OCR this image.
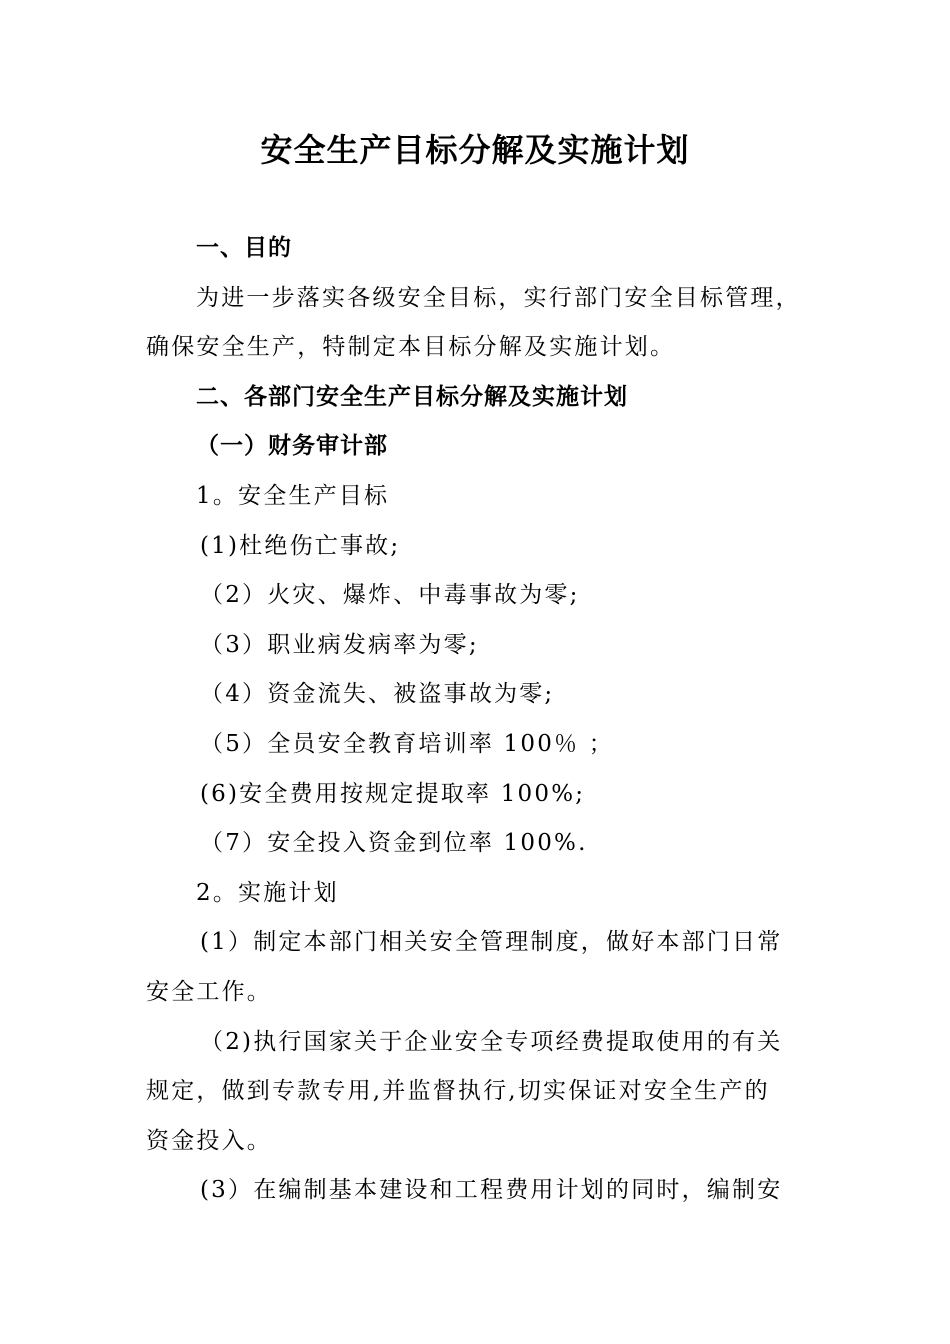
安全生产目标分解及实施计划
一、目的
为进一步落实各级安全目标，实行部门安全目标管理，
确保安全生产，特制定本目标分解及实施计划。
二、各部门安全生产目标分解及实施计划
（一）财务审计部
1。安全生产目标
(1)杜绝伤亡事故;
（2）火灾、爆炸、中毒事故为零;
（3）职业病发病率为零;
（4）资金流失、被盗事故为零;
（5）全员安全教育培训率 100％ ；
(6)安全费用按规定提取率 100%;
（7）安全投入资金到位率 100%.
2。实施计划
(1）制定本部门相关安全管理制度，做好本部门日常
安全工作。
（2)执行国家关于企业安全专项经费提取使用的有关
规定，做到专款专用,并监督执行,切实保证对安全生产的
资金投入。
(3）在编制基本建设和工程费用计划的同时，编制安
